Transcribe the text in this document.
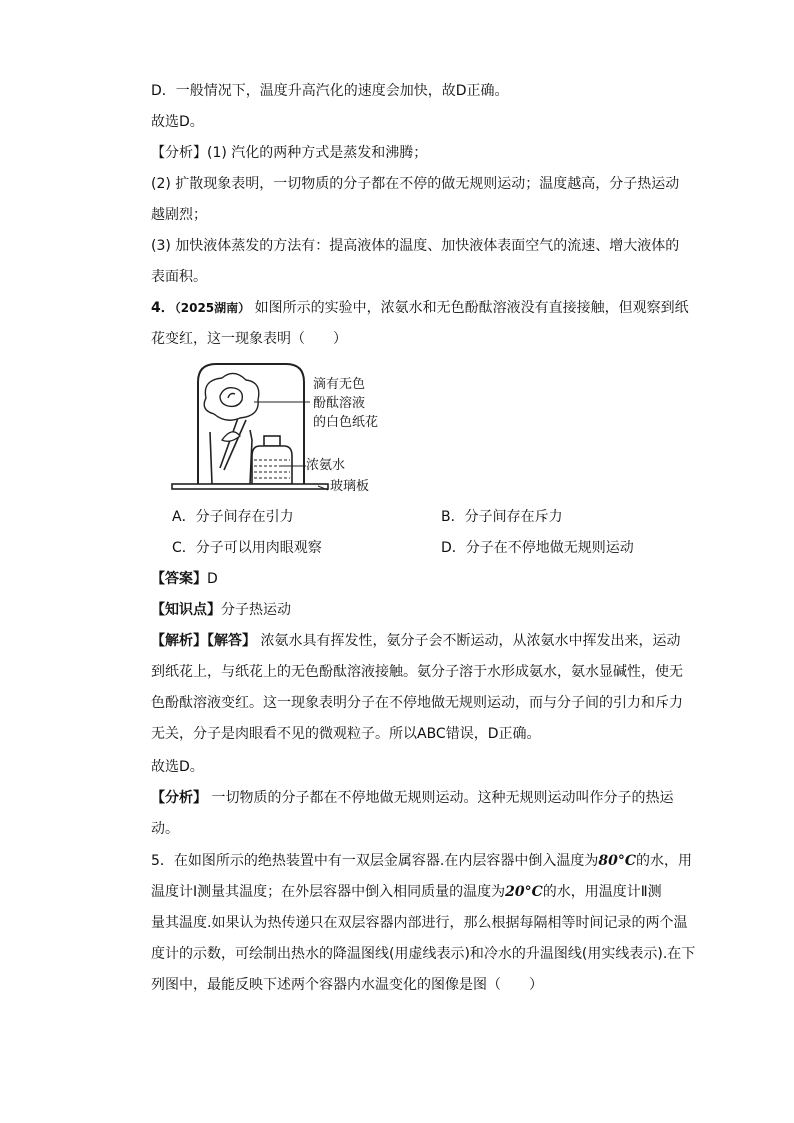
D．一般情况下，温度升高汽化的速度会加快，故D正确。
故选D。
【分析】(1) 汽化的两种方式是蒸发和沸腾；
(2) 扩散现象表明，一切物质的分子都在不停的做无规则运动；温度越高，分子热运动
越剧烈；
(3) 加快液体蒸发的方法有：提高液体的温度、加快液体表面空气的流速、增大液体的
表面积。
4．（2025湖南） 如图所示的实验中，浓氨水和无色酚酞溶液没有直接接触，但观察到纸
花变红，这一现象表明（　　）
滴有无色
酚酞溶液
的白色纸花
浓氨水
玻璃板
A．分子间存在引力	B．分子间存在斥力
C．分子可以用肉眼观察	D．分子在不停地做无规则运动
【答案】D
【知识点】分子热运动
【解析】【解答】 浓氨水具有挥发性，氨分子会不断运动，从浓氨水中挥发出来，运动
到纸花上，与纸花上的无色酚酞溶液接触。氨分子溶于水形成氨水，氨水显碱性，使无
色酚酞溶液变红。这一现象表明分子在不停地做无规则运动，而与分子间的引力和斥力
无关，分子是肉眼看不见的微观粒子。所以ABC错误，D正确。
故选D。
【分析】 一切物质的分子都在不停地做无规则运动。这种无规则运动叫作分子的热运
动。
5．在如图所示的绝热装置中有一双层金属容器.在内层容器中倒入温度为80°C的水，用
温度计Ⅰ测量其温度；在外层容器中倒入相同质量的温度为20°C的水，用温度计Ⅱ测
量其温度.如果认为热传递只在双层容器内部进行，那么根据每隔相等时间记录的两个温
度计的示数，可绘制出热水的降温图线(用虚线表示)和冷水的升温图线(用实线表示).在下
列图中，最能反映下述两个容器内水温变化的图像是图（　　）
